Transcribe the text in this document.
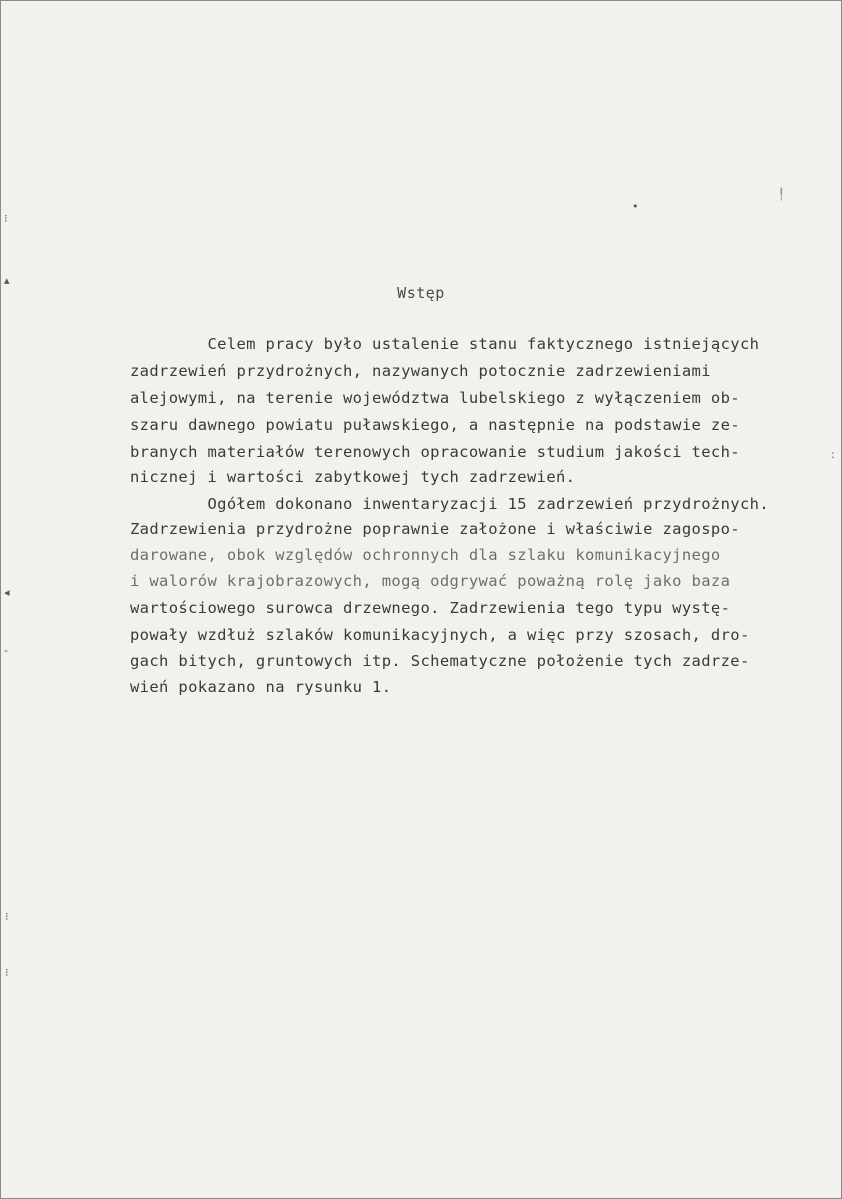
Wstęp
Celem pracy było ustalenie stanu faktycznego istniejących
zadrzewień przydrożnych, nazywanych potocznie zadrzewieniami
alejowymi, na terenie województwa lubelskiego z wyłączeniem ob-
szaru dawnego powiatu puławskiego, a następnie na podstawie ze-
branych materiałów terenowych opracowanie studium jakości tech-
nicznej i wartości zabytkowej tych zadrzewień.
Ogółem dokonano inwentaryzacji 15 zadrzewień przydrożnych.
Zadrzewienia przydrożne poprawnie założone i właściwie zagospo-
darowane, obok względów ochronnych dla szlaku komunikacyjnego
i walorów krajobrazowych, mogą odgrywać poważną rolę jako baza
wartościowego surowca drzewnego. Zadrzewienia tego typu wystę-
powały wzdłuż szlaków komunikacyjnych, a więc przy szosach, dro-
gach bitych, gruntowych itp. Schematyczne położenie tych zadrze-
wień pokazano na rysunku 1.
⁝
▴
◂
-
⁝
⁝
•
╿
:
